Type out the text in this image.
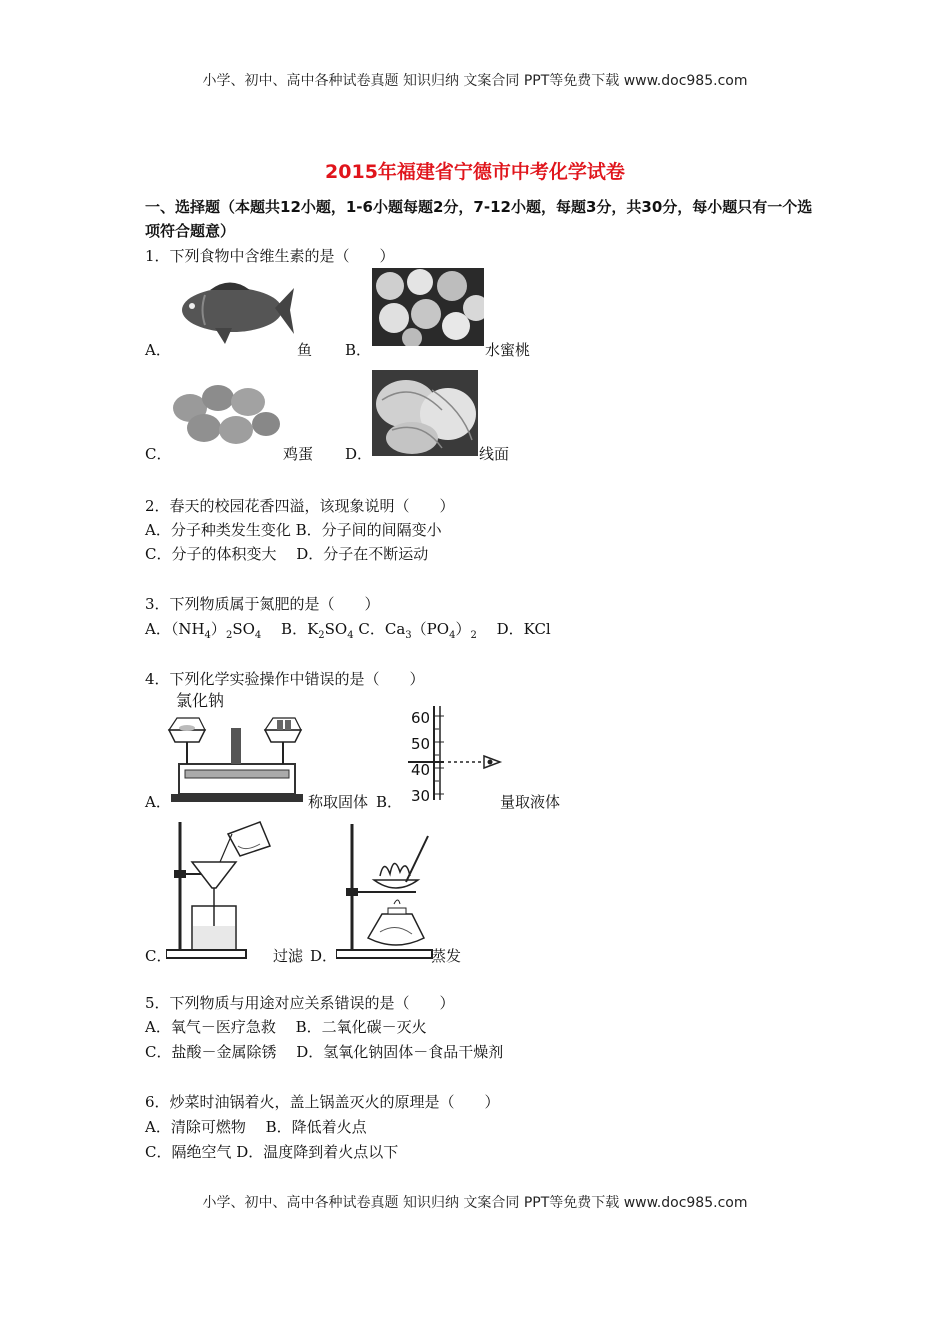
小学、初中、高中各种试卷真题 知识归纳 文案合同 PPT等免费下载 www.doc985.com
2015年福建省宁德市中考化学试卷
一、选择题（本题共12小题，1-6小题每题2分，7-12小题，每题3分，共30分，每小题只有一个选项符合题意）
1．下列食物中含维生素的是（　　）
A．	鱼 B．	水蜜桃
C．	鸡蛋 D．	线面
2．春天的校园花香四溢，该现象说明（　　）
A．分子种类发生变化 B．分子间的间隔变小
C．分子的体积变大　 D．分子在不断运动
3．下列物质属于氮肥的是（　　）
A．$(NH_4)_2SO_4$　 B．$K_2SO_4$ C．$Ca_3(PO_4)_2$　 D．KCl
4．下列化学实验操作中错误的是（　　）
氯化钠
60
50
40
30
A．	称取固体 B．	量取液体
C．	过滤 D．	蒸发
5．下列物质与用途对应关系错误的是（　　）
A．氧气－医疗急救　 B．二氧化碳－灭火
C．盐酸－金属除锈　 D．氢氧化钠固体－食品干燥剂
6．炒菜时油锅着火，盖上锅盖灭火的原理是（　　）
A．清除可燃物　 B．降低着火点
C．隔绝空气 D．温度降到着火点以下
小学、初中、高中各种试卷真题 知识归纳 文案合同 PPT等免费下载 www.doc985.com
